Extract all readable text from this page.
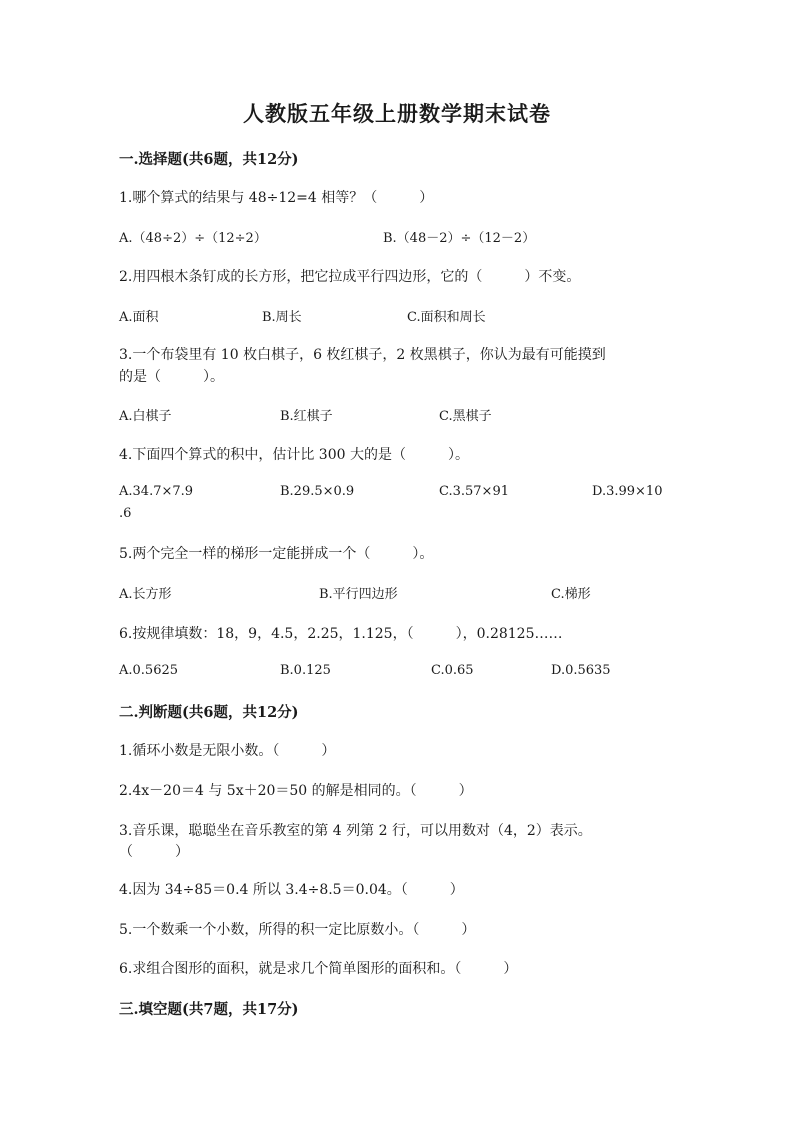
人教版五年级上册数学期末试卷
一.选择题(共6题，共12分)
1.哪个算式的结果与 48÷12=4 相等？（　　　）
A.（48÷2）÷（12÷2）	B.（48－2）÷（12－2）
2.用四根木条钉成的长方形，把它拉成平行四边形，它的（　　　）不变。
A.面积	B.周长	C.面积和周长
3.一个布袋里有 10 枚白棋子，6 枚红棋子，2 枚黑棋子，你认为最有可能摸到
的是（　　　）。
A.白棋子	B.红棋子	C.黑棋子
4.下面四个算式的积中，估计比 300 大的是（　　　）。
A.34.7×7.9	B.29.5×0.9	C.3.57×91	D.3.99×10
.6
5.两个完全一样的梯形一定能拼成一个（　　　）。
A.长方形	B.平行四边形	C.梯形
6.按规律填数：18，9，4.5，2.25，1.125，（　　　），0.28125……
A.0.5625	B.0.125	C.0.65	D.0.5635
二.判断题(共6题，共12分)
1.循环小数是无限小数。（　　　）
2.4x－20＝4 与 5x＋20＝50 的解是相同的。（　　　）
3.音乐课，聪聪坐在音乐教室的第 4 列第 2 行，可以用数对（4，2）表示。
（　　　）
4.因为 34÷85＝0.4 所以 3.4÷8.5＝0.04。（　　　）
5.一个数乘一个小数，所得的积一定比原数小。（　　　）
6.求组合图形的面积，就是求几个简单图形的面积和。（　　　）
三.填空题(共7题，共17分)
